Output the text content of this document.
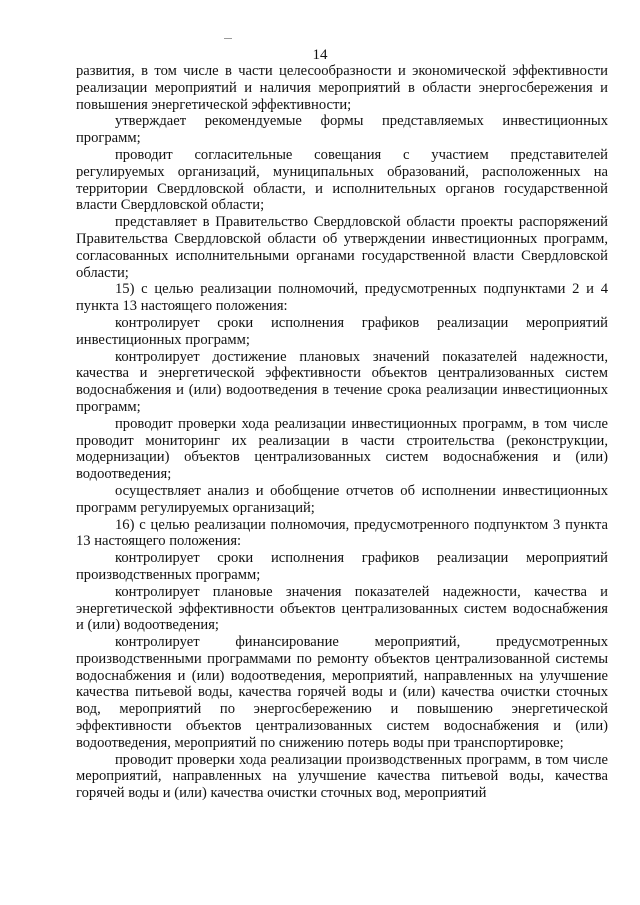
14

развития, в том числе в части целесообразности и экономической эффективности реализации мероприятий и наличия мероприятий в области энергосбережения и повышения энергетической эффективности;

утверждает рекомендуемые формы представляемых инвестиционных программ;

проводит согласительные совещания с участием представителей регулируемых организаций, муниципальных образований, расположенных на территории Свердловской области, и исполнительных органов государственной власти Свердловской области;

представляет в Правительство Свердловской области проекты распоряжений Правительства Свердловской области об утверждении инвестиционных программ, согласованных исполнительными органами государственной власти Свердловской области;

15) с целью реализации полномочий, предусмотренных подпунктами 2 и 4 пункта 13 настоящего положения:

контролирует сроки исполнения графиков реализации мероприятий инвестиционных программ;

контролирует достижение плановых значений показателей надежности, качества и энергетической эффективности объектов централизованных систем водоснабжения и (или) водоотведения в течение срока реализации инвестиционных программ;

проводит проверки хода реализации инвестиционных программ, в том числе проводит мониторинг их реализации в части строительства (реконструкции, модернизации) объектов централизованных систем водоснабжения и (или) водоотведения;

осуществляет анализ и обобщение отчетов об исполнении инвестиционных программ регулируемых организаций;

16) с целью реализации полномочия, предусмотренного подпунктом 3 пункта 13 настоящего положения:

контролирует сроки исполнения графиков реализации мероприятий производственных программ;

контролирует плановые значения показателей надежности, качества и энергетической эффективности объектов централизованных систем водоснабжения и (или) водоотведения;

контролирует финансирование мероприятий, предусмотренных производственными программами по ремонту объектов централизованной системы водоснабжения и (или) водоотведения, мероприятий, направленных на улучшение качества питьевой воды, качества горячей воды и (или) качества очистки сточных вод, мероприятий по энергосбережению и повышению энергетической эффективности объектов централизованных систем водоснабжения и (или) водоотведения, мероприятий по снижению потерь воды при транспортировке;

проводит проверки хода реализации производственных программ, в том числе мероприятий, направленных на улучшение качества питьевой воды, качества горячей воды и (или) качества очистки сточных вод, мероприятий
